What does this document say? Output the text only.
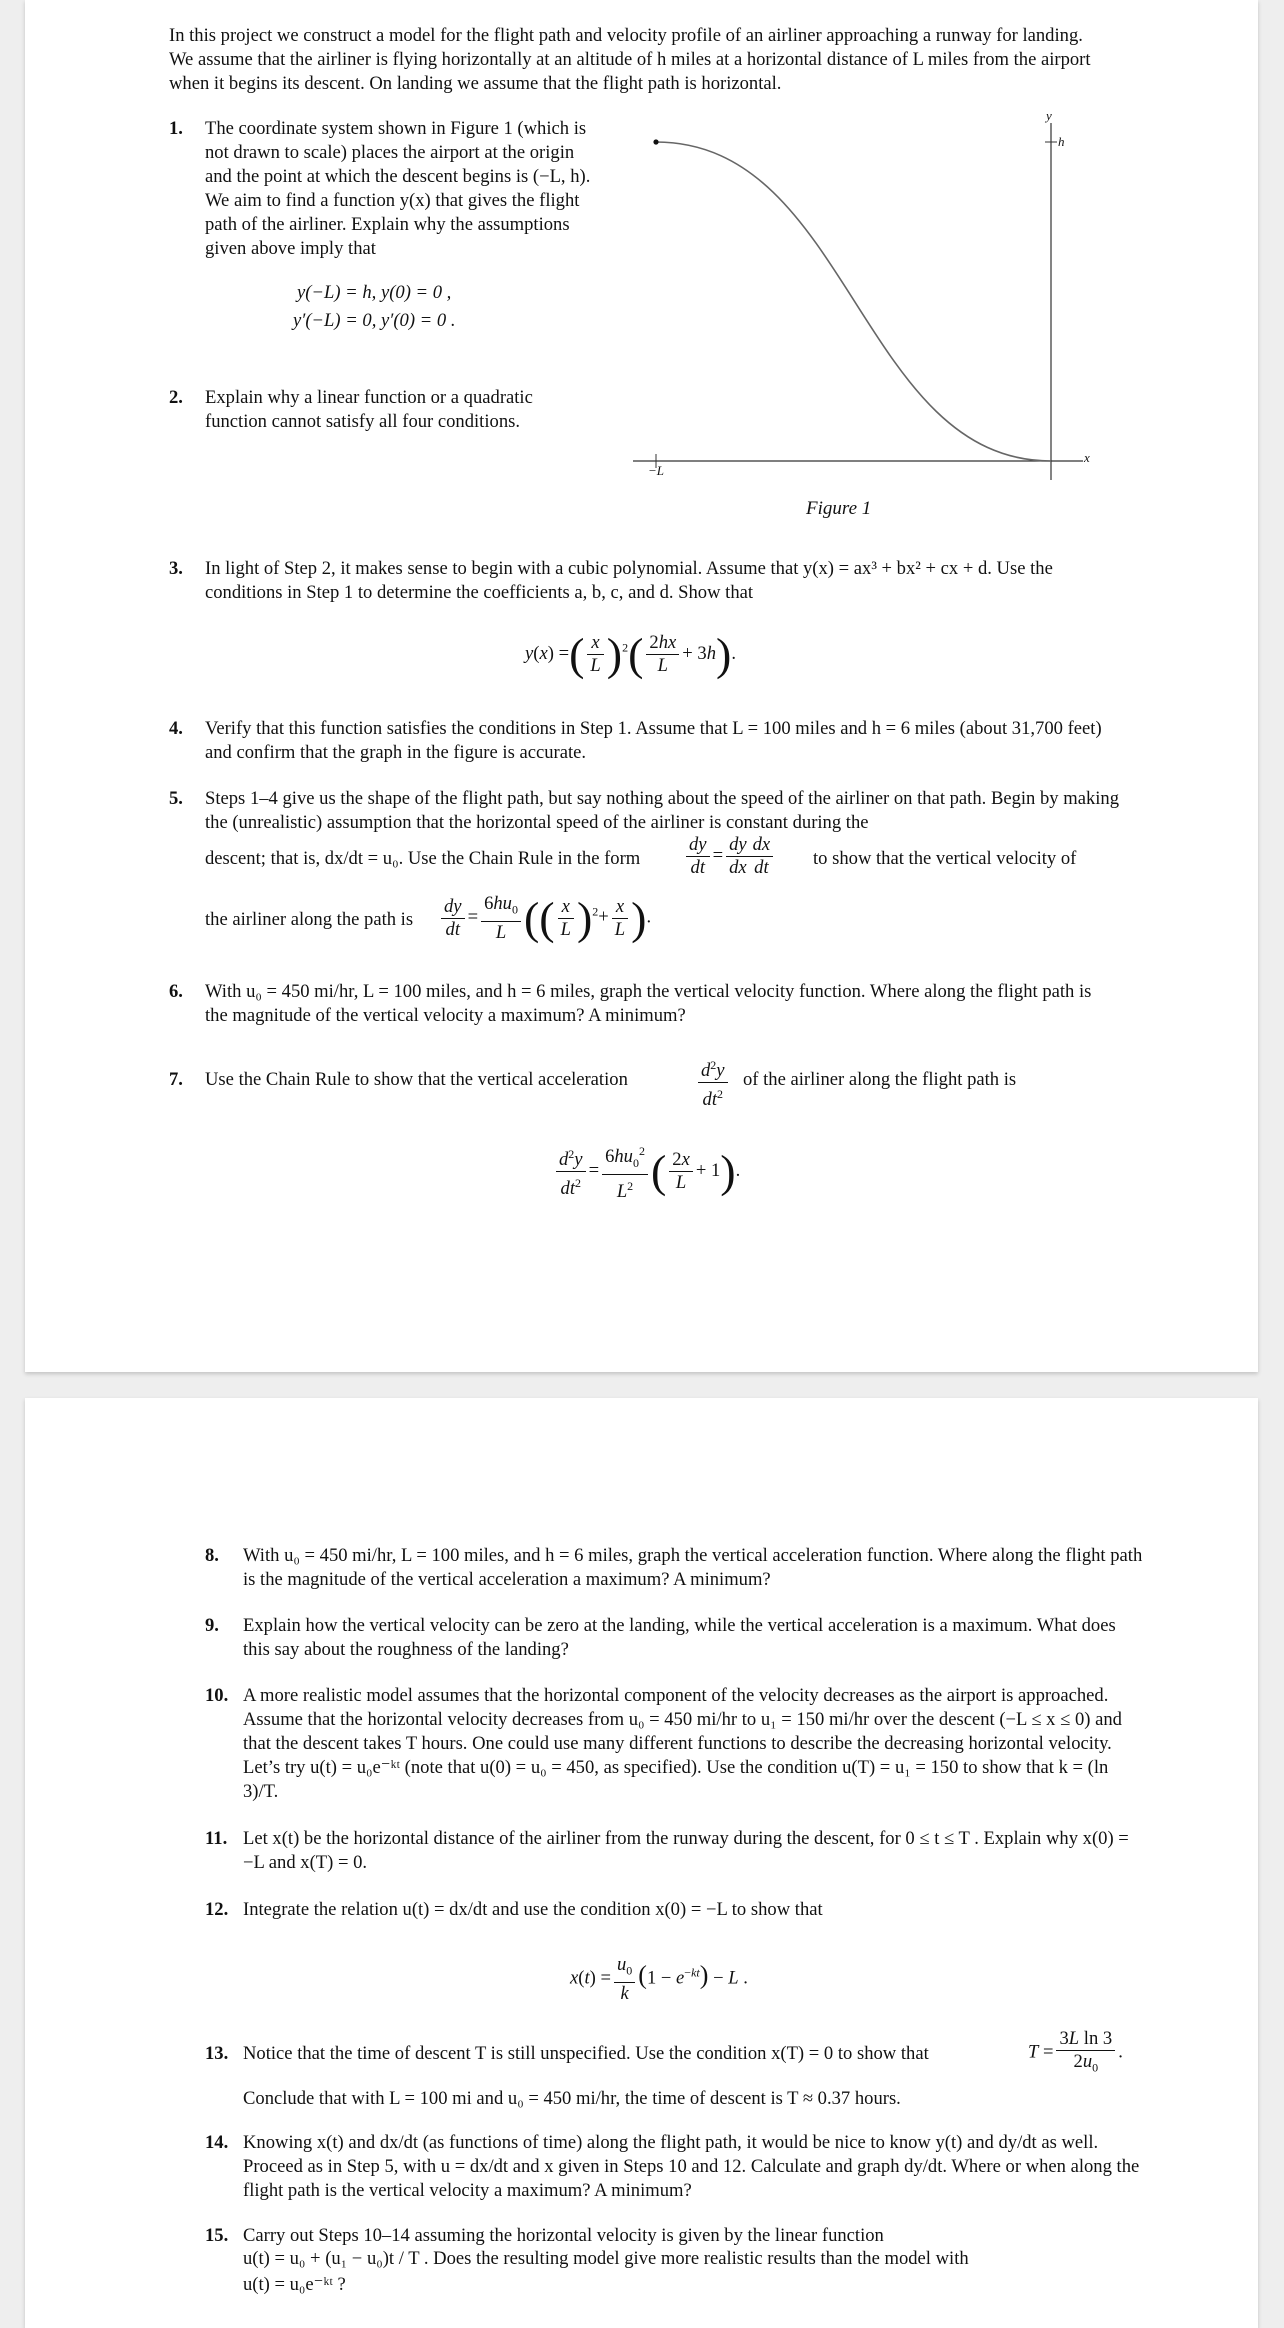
In this project we construct a model for the flight path and velocity profile of an airliner approaching a runway for landing. We assume that the airliner is flying horizontally at an altitude of h miles at a horizontal distance of L miles from the airport when it begins its descent. On landing we assume that the flight path is horizontal.
1. The coordinate system shown in Figure 1 (which is not drawn to scale) places the airport at the origin and the point at which the descent begins is (−L, h). We aim to find a function y(x) that gives the flight path of the airliner. Explain why the assumptions given above imply that
y(−L) = h, y(0) = 0 ,
y′(−L) = 0, y′(0) = 0 .
2. Explain why a linear function or a quadratic function cannot satisfy all four conditions.
y
h
x
−L
Figure 1
3. In light of Step 2, it makes sense to begin with a cubic polynomial. Assume that y(x) = ax³ + bx² + cx + d. Use the conditions in Step 1 to determine the coefficients a, b, c, and d. Show that
y(x) =( $\frac{x}{L} )^2( \frac{2hx}{L} + 3h)$.
4. Verify that this function satisfies the conditions in Step 1. Assume that L = 100 miles and h = 6 miles (about 31,700 feet) and confirm that the graph in the figure is accurate.
5. Steps 1–4 give us the shape of the flight path, but say nothing about the speed of the airliner on that path. Begin by making the (unrealistic) assumption that the horizontal speed of the airliner is constant during the
descent; that is, dx/dt = u₀. Use the Chain Rule in the form $\frac{dy}{dt} = \frac{dy}{dx} \frac{dx}{dt}$ to show that the vertical velocity of
the airliner along the path is $\frac{dy}{dt} = \frac{6hu_0}{L}$ (( $\frac{x}{L} )^2+ \frac{x}{L}$ ).
6. With u₀ = 450 mi/hr, L = 100 miles, and h = 6 miles, graph the vertical velocity function. Where along the flight path is the magnitude of the vertical velocity a maximum? A minimum?
7. Use the Chain Rule to show that the vertical acceleration	$\frac{d^2y}{dt^2}$ of the airliner along the flight path is
$\frac{d^2y}{dt^2} = \frac{6hu_0^2}{L^2}$ ( $\frac{2x}{L} + 1$).
8. With u₀ = 450 mi/hr, L = 100 miles, and h = 6 miles, graph the vertical acceleration function. Where along the flight path is the magnitude of the vertical acceleration a maximum? A minimum?
9. Explain how the vertical velocity can be zero at the landing, while the vertical acceleration is a maximum. What does this say about the roughness of the landing?
10. A more realistic model assumes that the horizontal component of the velocity decreases as the airport is approached. Assume that the horizontal velocity decreases from u₀ = 450 mi/hr to u₁ = 150 mi/hr over the descent (−L ≤ x ≤ 0) and that the descent takes T hours. One could use many different functions to describe the decreasing horizontal velocity. Let’s try u(t) = u₀e⁻ᵏᵗ (note that u(0) = u₀ = 450, as specified). Use the condition u(T) = u₁ = 150 to show that k = (ln 3)/T.
11. Let x(t) be the horizontal distance of the airliner from the runway during the descent, for 0 ≤ t ≤ T . Explain why x(0) = −L and x(T) = 0.
12. Integrate the relation u(t) = dx/dt and use the condition x(0) = −L to show that
$x(t) = \frac{u_0}{k} (1 - e^{-kt}) - L$ .
13. Notice that the time of descent T is still unspecified. Use the condition x(T) = 0 to show that	$T = \frac{\text{3L ln 3}}{2u_0}$ .
Conclude that with L = 100 mi and u₀ = 450 mi/hr, the time of descent is T ≈ 0.37 hours.
14. Knowing x(t) and dx/dt (as functions of time) along the flight path, it would be nice to know y(t) and dy/dt as well. Proceed as in Step 5, with u = dx/dt and x given in Steps 10 and 12. Calculate and graph dy/dt. Where or when along the flight path is the vertical velocity a maximum? A minimum?
15. Carry out Steps 10–14 assuming the horizontal velocity is given by the linear function
u(t) = u₀ + (u₁ − u₀)t / T . Does the resulting model give more realistic results than the model with
u(t) = u₀e⁻ᵏᵗ ?
